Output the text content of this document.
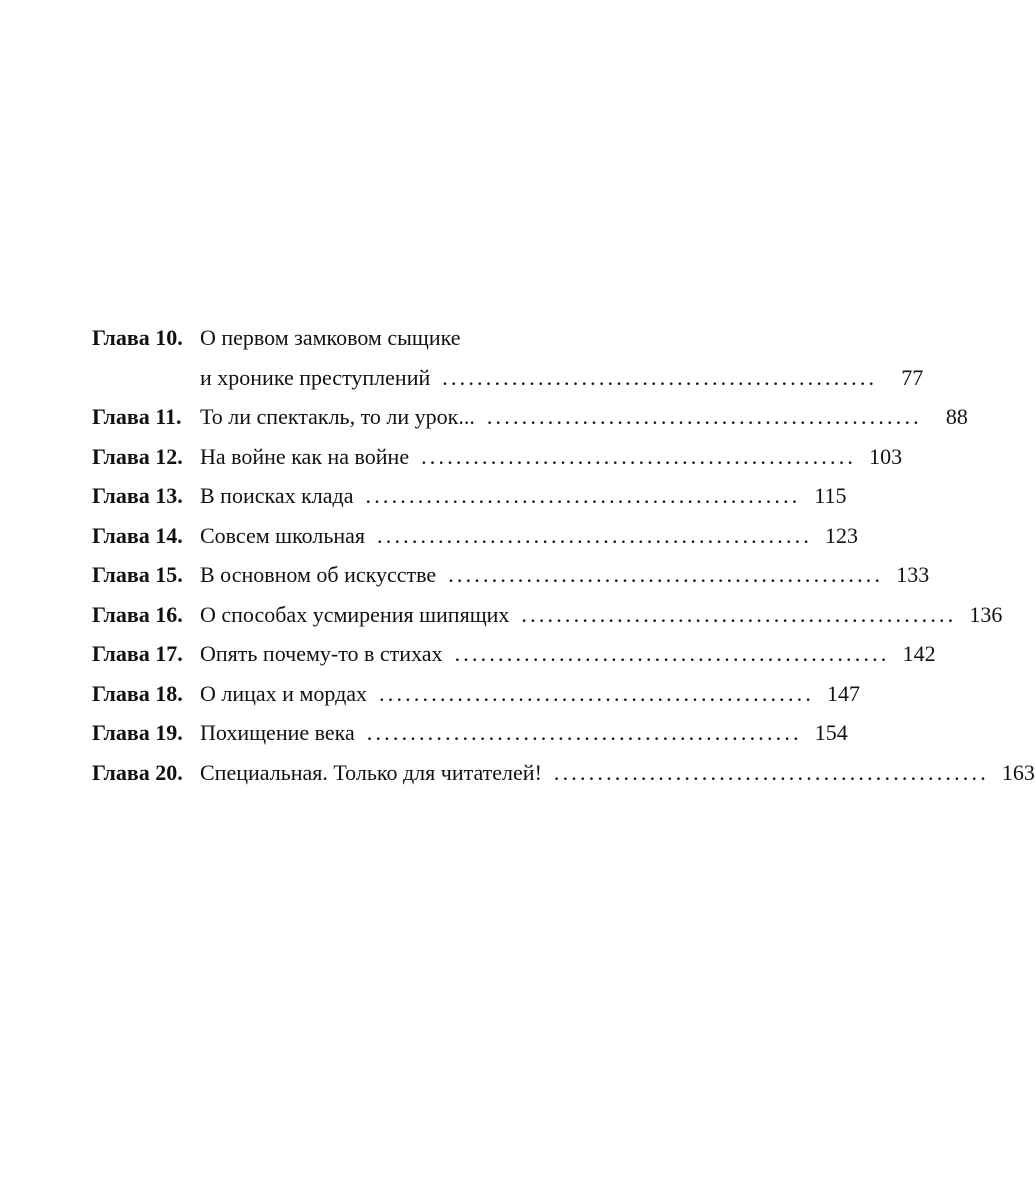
Глава 10. О первом замковом сыщике
и хронике преступлений ..................................................	77
Глава 11. То ли спектакль, то ли урок... ..................................................	88
Глава 12. На войне как на войне .................................................. 103
Глава 13. В поисках клада .................................................. 115
Глава 14. Совсем школьная .................................................. 123
Глава 15. В основном об искусстве .................................................. 133
Глава 16. О способах усмирения шипящих .................................................. 136
Глава 17. Опять почему-то в стихах .................................................. 142
Глава 18. О лицах и мордах .................................................. 147
Глава 19. Похищение века .................................................. 154
Глава 20. Специальная. Только для читателей! .................................................. 163
